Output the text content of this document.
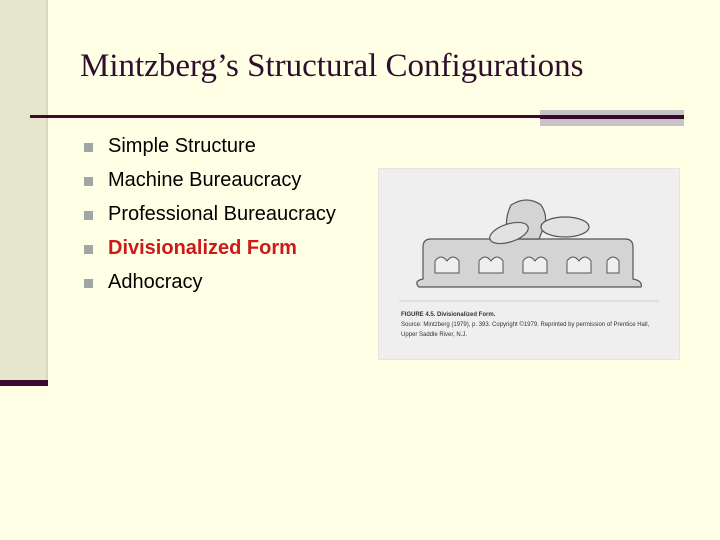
Mintzberg’s Structural Configurations
Simple Structure
Machine Bureaucracy
Professional Bureaucracy
Divisionalized Form
Adhocracy
FIGURE 4.5. Divisionalized Form.
Source: Mintzberg (1979), p. 393. Copyright ©1979. Reprinted by permission of Prentice Hall,
Upper Saddle River, N.J.
